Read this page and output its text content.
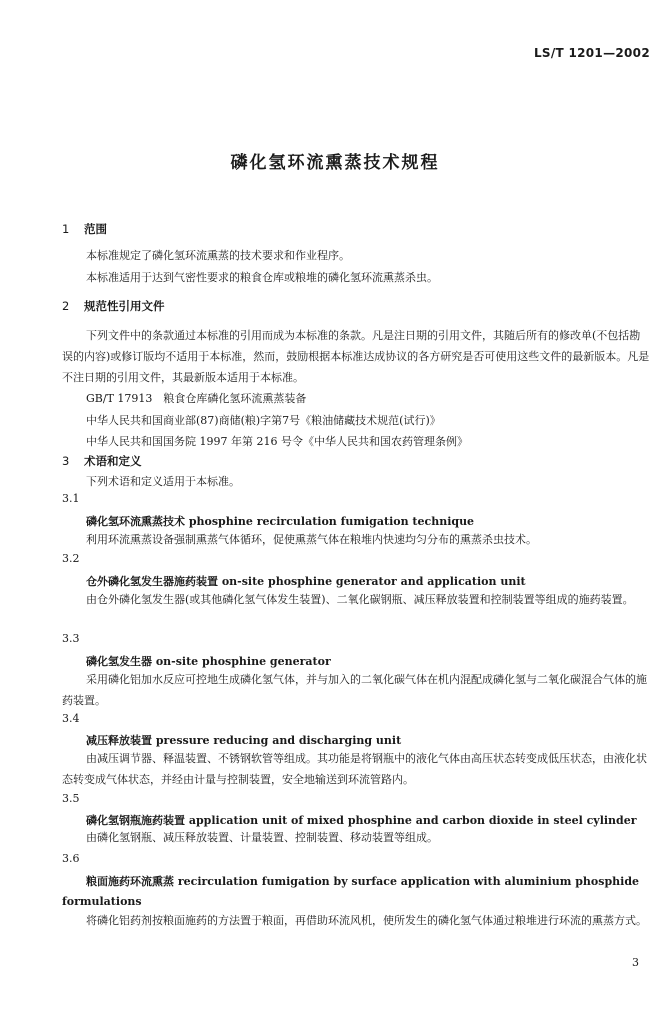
LS/T 1201—2002
磷化氢环流熏蒸技术规程
1 范围
本标准规定了磷化氢环流熏蒸的技术要求和作业程序。
本标准适用于达到气密性要求的粮食仓库或粮堆的磷化氢环流熏蒸杀虫。
2 规范性引用文件
下列文件中的条款通过本标准的引用而成为本标准的条款。凡是注日期的引用文件，其随后所有的修改单(不包括勘误的内容)或修订版均不适用于本标准，然而，鼓励根据本标准达成协议的各方研究是否可使用这些文件的最新版本。凡是不注日期的引用文件，其最新版本适用于本标准。
GB/T 17913　粮食仓库磷化氢环流熏蒸装备
中华人民共和国商业部(87)商储(粮)字第7号《粮油储藏技术规范(试行)》
中华人民共和国国务院 1997 年第 216 号令《中华人民共和国农药管理条例》
3 术语和定义
下列术语和定义适用于本标准。
3.1
磷化氢环流熏蒸技术 phosphine recirculation fumigation technique
利用环流熏蒸设备强制熏蒸气体循环，促使熏蒸气体在粮堆内快速均匀分布的熏蒸杀虫技术。
3.2
仓外磷化氢发生器施药装置 on-site phosphine generator and application unit
由仓外磷化氢发生器(或其他磷化氢气体发生装置)、二氧化碳钢瓶、减压释放装置和控制装置等组成的施药装置。
3.3
磷化氢发生器 on-site phosphine generator
采用磷化铝加水反应可控地生成磷化氢气体，并与加入的二氧化碳气体在机内混配成磷化氢与二氧化碳混合气体的施药装置。
3.4
减压释放装置 pressure reducing and discharging unit
由减压调节器、释温装置、不锈钢软管等组成。其功能是将钢瓶中的液化气体由高压状态转变成低压状态，由液化状态转变成气体状态，并经由计量与控制装置，安全地输送到环流管路内。
3.5
磷化氢钢瓶施药装置 application unit of mixed phosphine and carbon dioxide in steel cylinder
由磷化氢钢瓶、减压释放装置、计量装置、控制装置、移动装置等组成。
3.6
粮面施药环流熏蒸 recirculation fumigation by surface application with aluminium phosphide formulations
将磷化铝药剂按粮面施药的方法置于粮面，再借助环流风机，使所发生的磷化氢气体通过粮堆进行环流的熏蒸方式。
3
